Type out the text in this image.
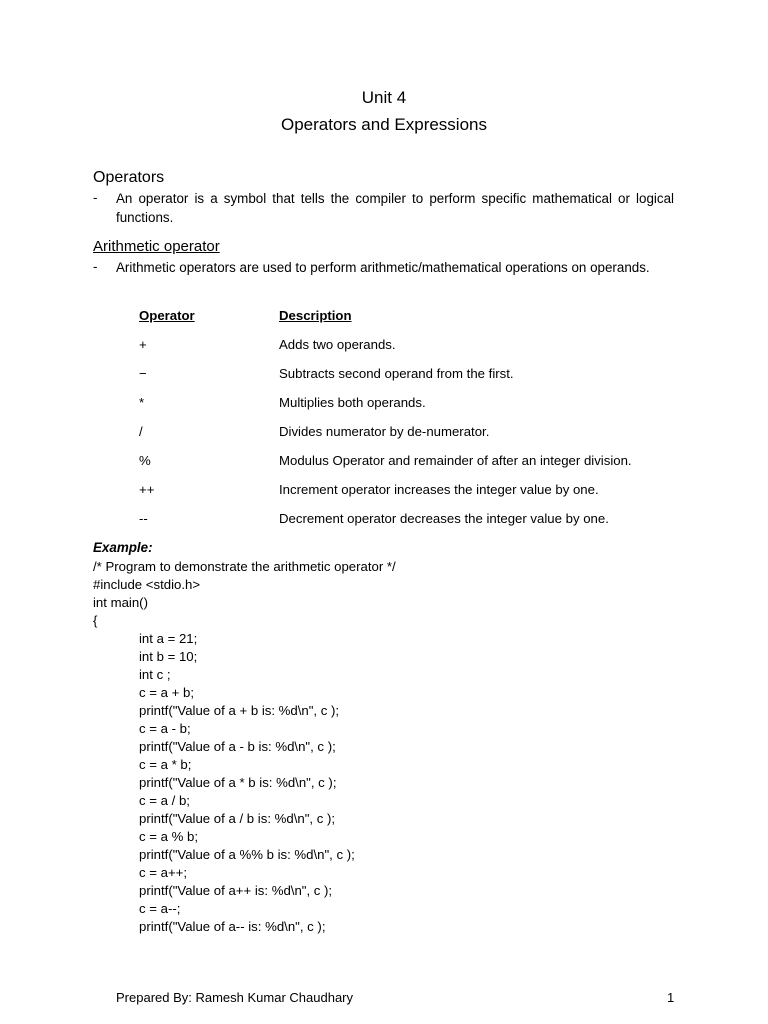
Unit 4
Operators and Expressions
Operators
- An operator is a symbol that tells the compiler to perform specific mathematical or logical functions.
Arithmetic operator
- Arithmetic operators are used to perform arithmetic/mathematical operations on operands.
Operator	Description
+	Adds two operands.
−	Subtracts second operand from the first.
*	Multiplies both operands.
/	Divides numerator by de-numerator.
%	Modulus Operator and remainder of after an integer division.
++	Increment operator increases the integer value by one.
--	Decrement operator decreases the integer value by one.
Example:
/* Program to demonstrate the arithmetic operator */
#include <stdio.h>
int main()
{
int a = 21;
int b = 10;
int c ;
c = a + b;
printf("Value of a + b is: %d\n", c );
c = a - b;
printf("Value of a - b is: %d\n", c );
c = a * b;
printf("Value of a * b is: %d\n", c );
c = a / b;
printf("Value of a / b is: %d\n", c );
c = a % b;
printf("Value of a %% b is: %d\n", c );
c = a++;
printf("Value of a++ is: %d\n", c );
c = a--;
printf("Value of a-- is: %d\n", c );
Prepared By: Ramesh Kumar Chaudhary	1
